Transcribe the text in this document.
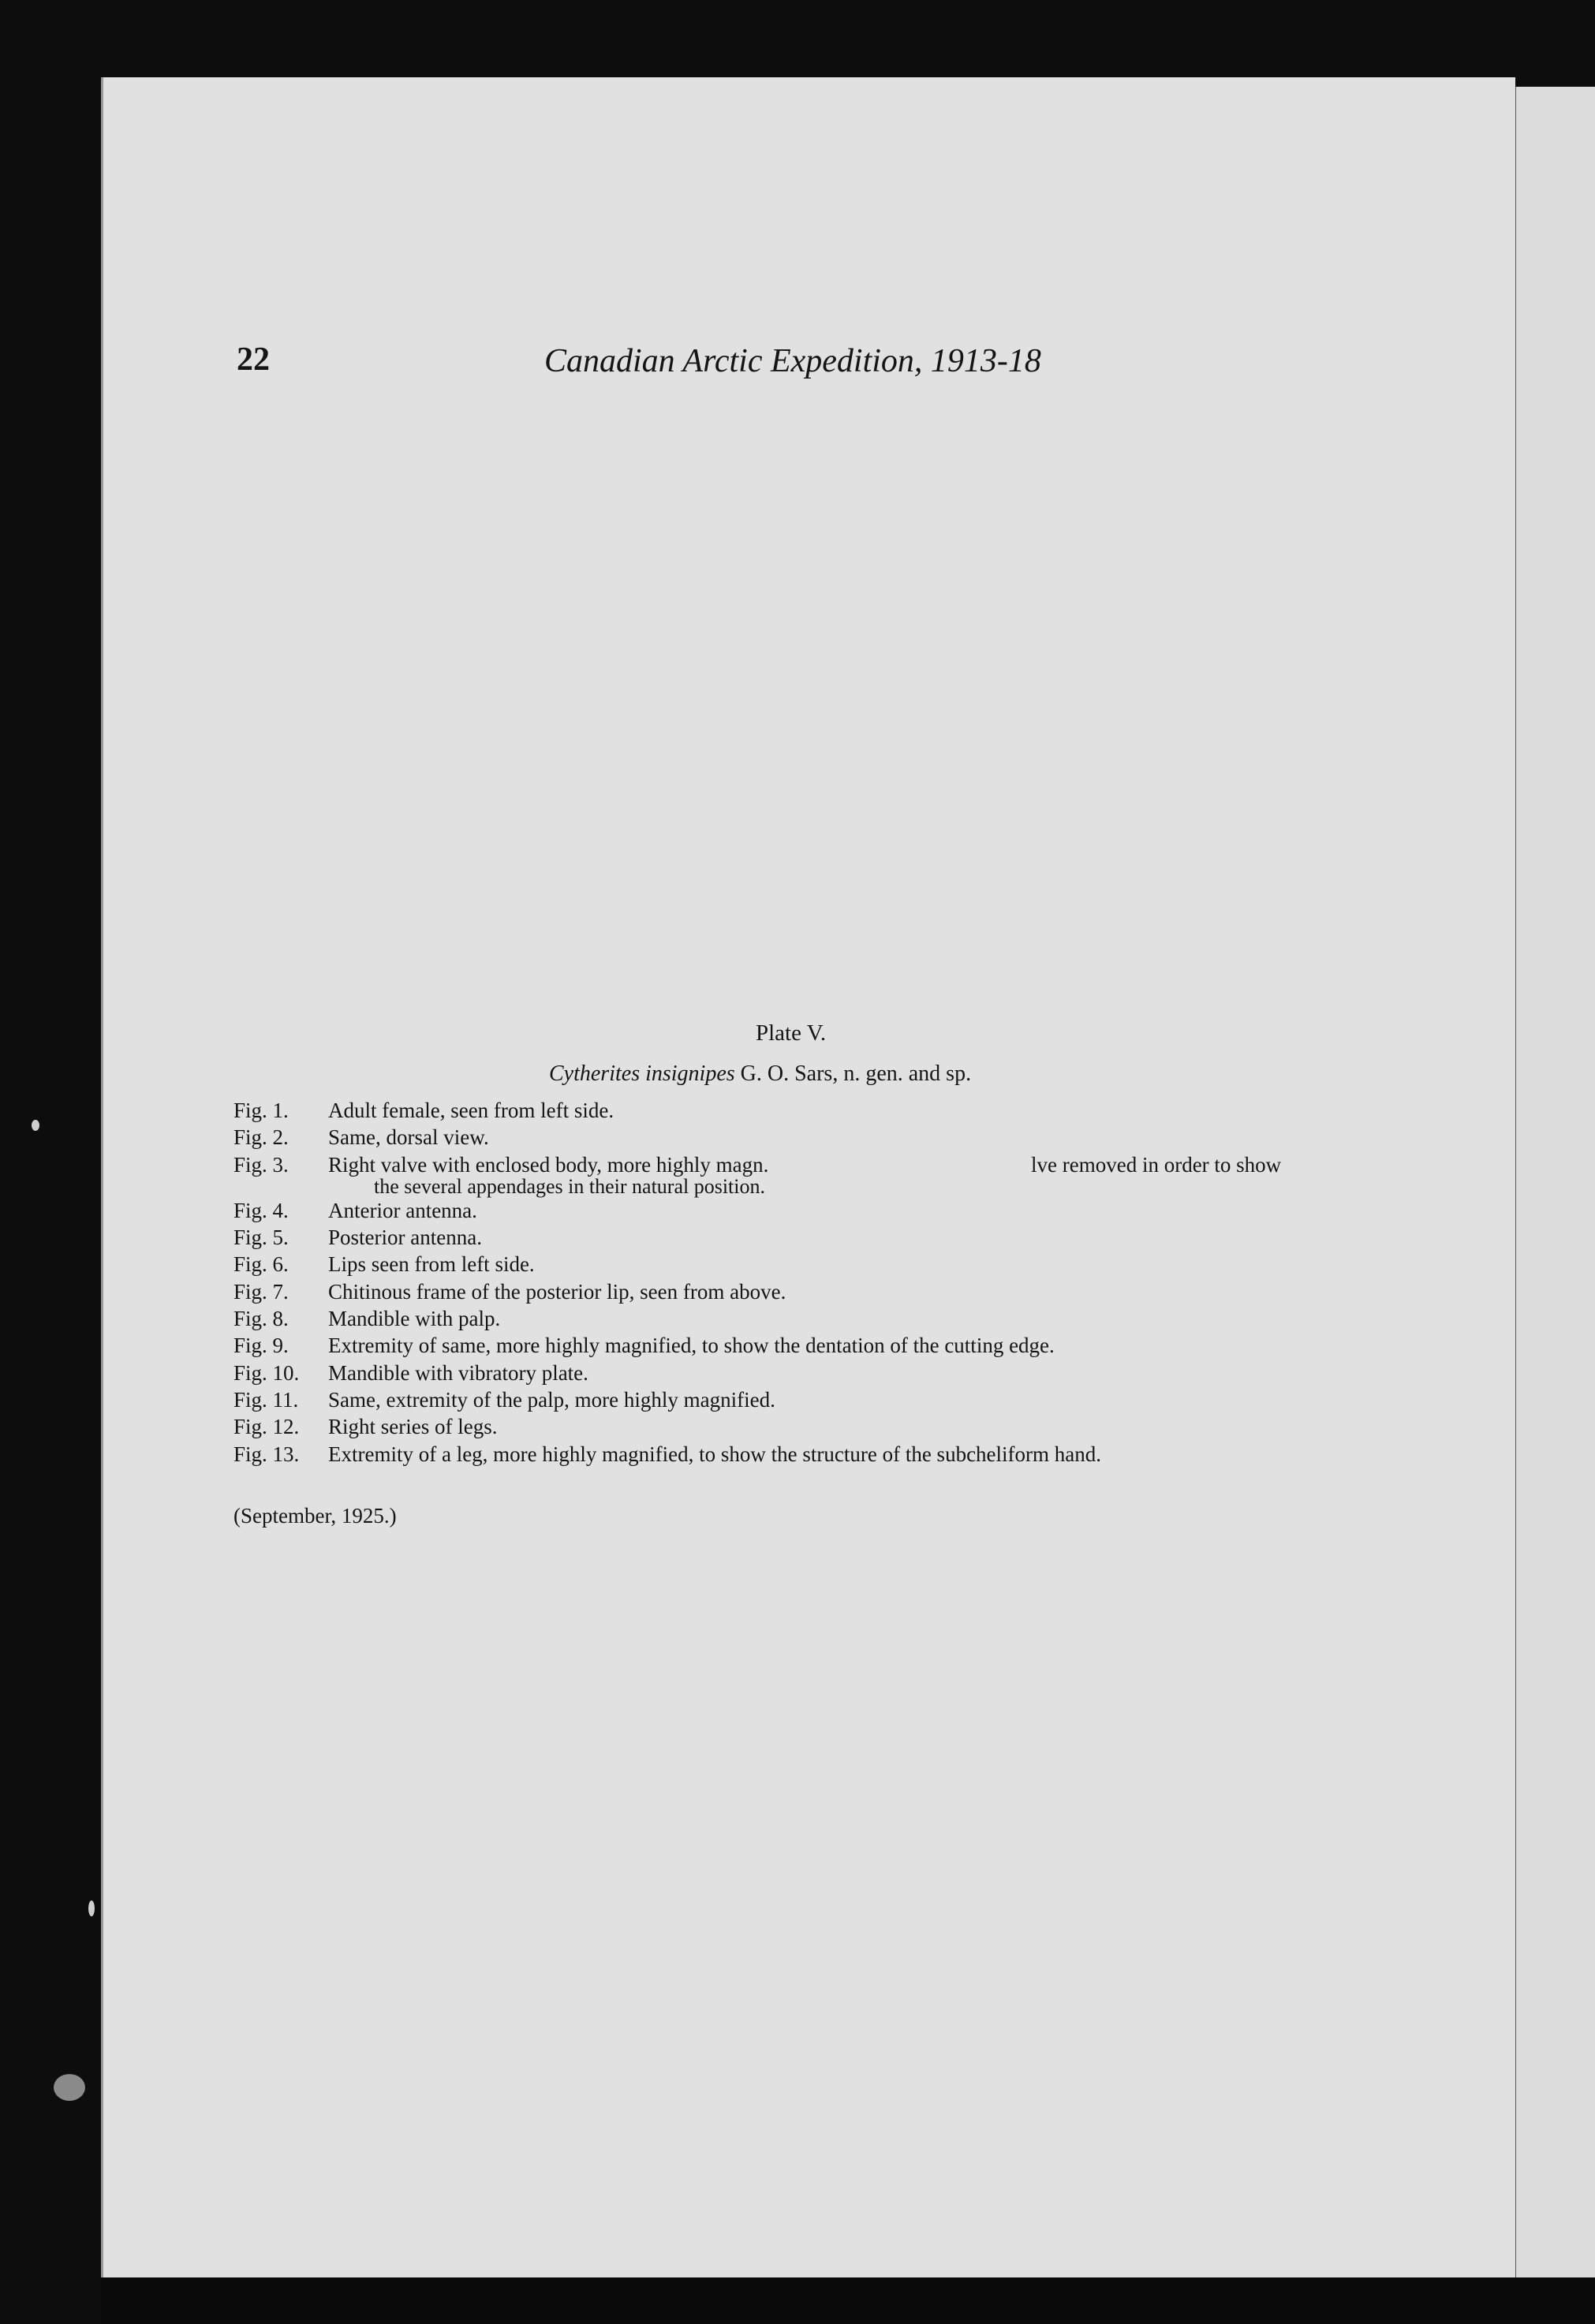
22	Canadian Arctic Expedition, 1913-18
Plate V.
Cytherites insignipes G. O. Sars, n. gen. and sp.
Fig. 1.	Adult female, seen from left side.
Fig. 2.	Same, dorsal view.
Fig. 3.	Right valve with enclosed body, more highly magn.	lve removed in order to show
the several appendages in their natural position.
Fig. 4.	Anterior antenna.
Fig. 5.	Posterior antenna.
Fig. 6.	Lips seen from left side.
Fig. 7.	Chitinous frame of the posterior lip, seen from above.
Fig. 8.	Mandible with palp.
Fig. 9.	Extremity of same, more highly magnified, to show the dentation of the cutting edge.
Fig. 10.	Mandible with vibratory plate.
Fig. 11.	Same, extremity of the palp, more highly magnified.
Fig. 12.	Right series of legs.
Fig. 13.	Extremity of a leg, more highly magnified, to show the structure of the subcheliform hand.
(September, 1925.)
